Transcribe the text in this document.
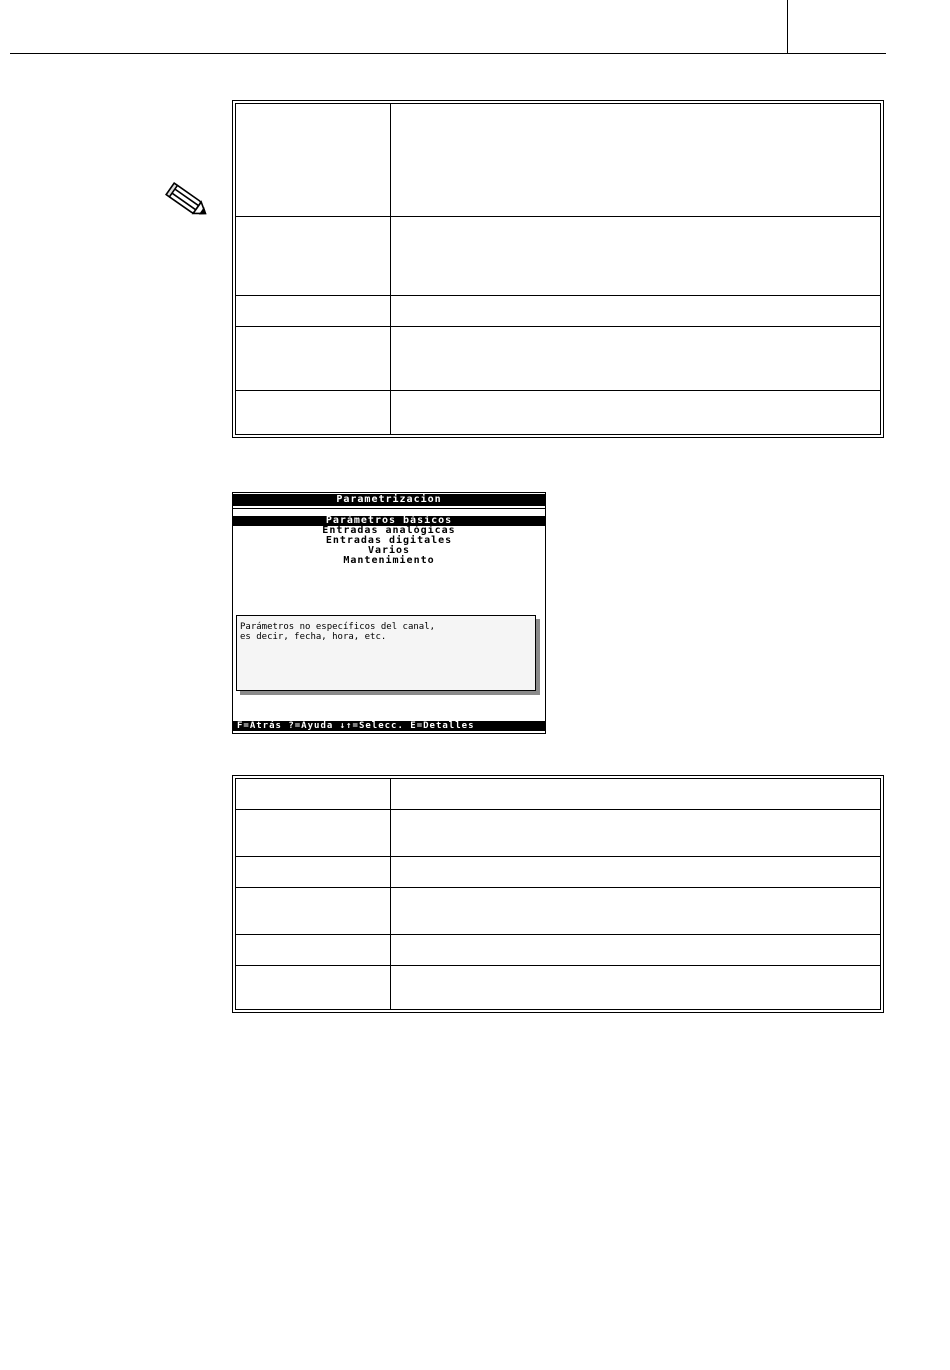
Parametrizacion
Parámetros básicos
Entradas analógicas
Entradas digitales
Varios
Mantenimiento
Parámetros no específicos del canal,
es decir, fecha, hora, etc.
F=Atrás ?=Ayuda ↓↑=Selecc. E=Detalles
